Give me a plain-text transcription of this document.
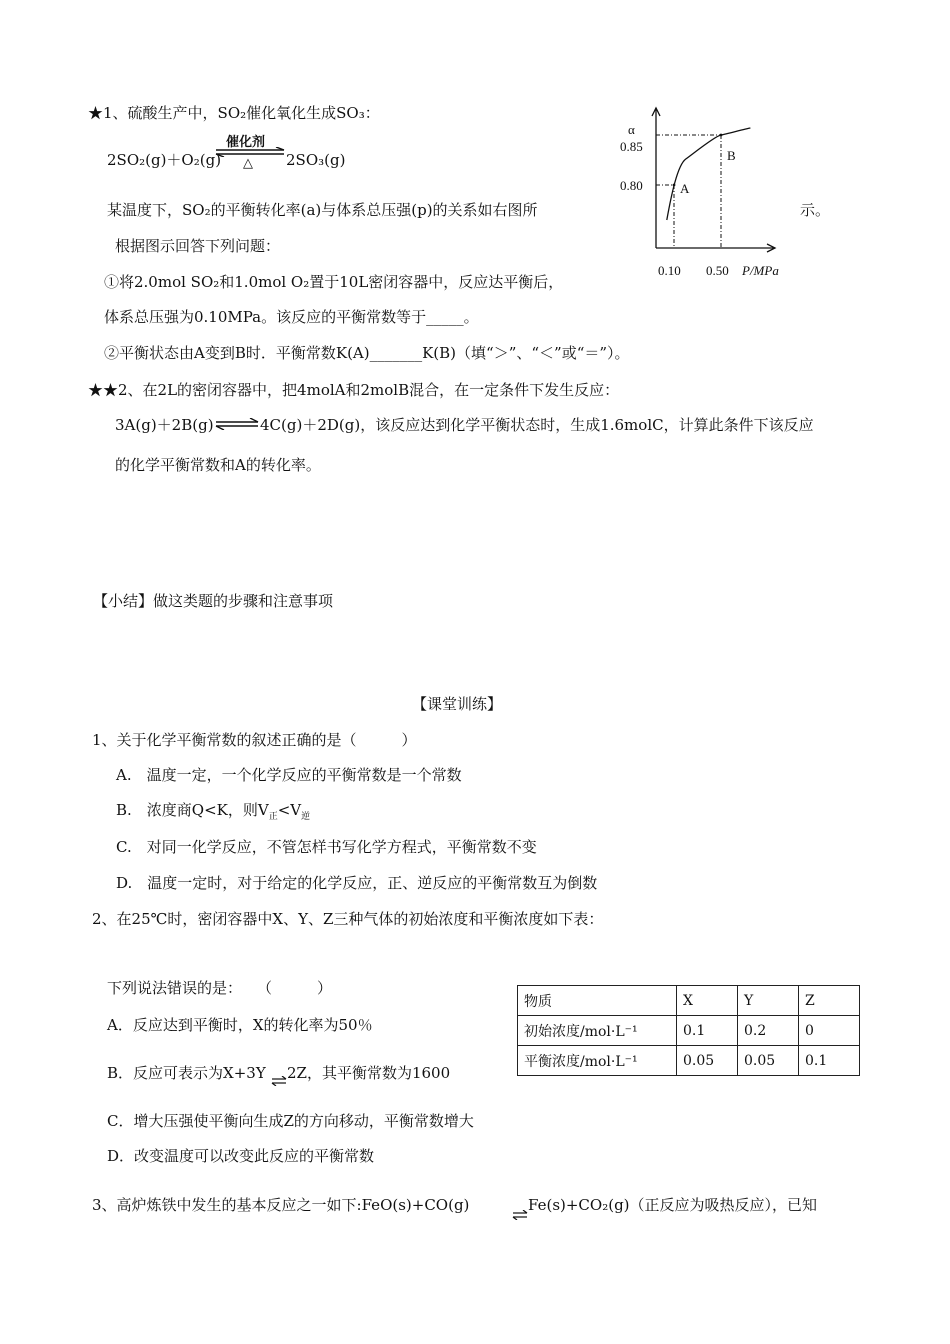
★1、硫酸生产中，SO₂催化氧化生成SO₃：
2SO₂(g)＋O₂(g)
催化剂
△ 2SO₃(g)
某温度下，SO₂的平衡转化率(a)与体系总压强(p)的关系如右图所	示。
根据图示回答下列问题：
①将2.0mol SO₂和1.0mol O₂置于10L密闭容器中，反应达平衡后，
体系总压强为0.10MPa。该反应的平衡常数等于_____。
②平衡状态由A变到B时．平衡常数K(A)_______K(B)（填“＞”、“＜”或“＝”）。
α
0.85
0.80
0.10 0.50 P/MPa
A
B
★★2、在2L的密闭容器中，把4molA和2molB混合，在一定条件下发生反应：
3A(g)＋2B(g) ⇌ 4C(g)＋2D(g)，该反应达到化学平衡状态时，生成1.6molC，计算此条件下该反应
的化学平衡常数和A的转化率。
【小结】做这类题的步骤和注意事项
【课堂训练】
1、关于化学平衡常数的叙述正确的是（　　　）
A.　温度一定，一个化学反应的平衡常数是一个常数
B.　浓度商Q<K，则$V_正<V_逆$
C.　对同一化学反应，不管怎样书写化学方程式，平衡常数不变
D.　温度一定时，对于给定的化学反应，正、逆反应的平衡常数互为倒数
2、在25℃时，密闭容器中X、Y、Z三种气体的初始浓度和平衡浓度如下表：
下列说法错误的是：　　（　　　）
A．反应达到平衡时，X的转化率为50％
B．反应可表示为X+3Y ⇌ 2Z，其平衡常数为1600
C．增大压强使平衡向生成Z的方向移动，平衡常数增大
D．改变温度可以改变此反应的平衡常数
物质	X	Y	Z
初始浓度/mol·L⁻¹	0.1	0.2	0
平衡浓度/mol·L⁻¹	0.05	0.05	0.1
3、高炉炼铁中发生的基本反应之一如下:FeO(s)+CO(g)	Fe(s)+CO₂(g)（正反应为吸热反应），已知
